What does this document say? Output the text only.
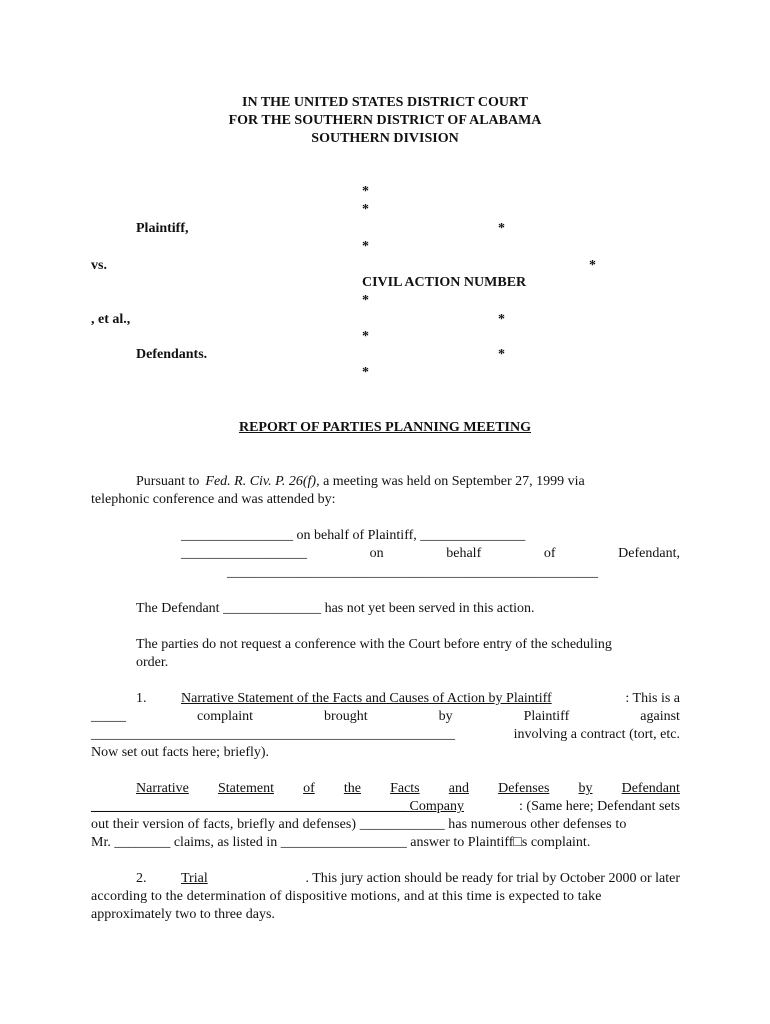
IN THE UNITED STATES DISTRICT COURT
FOR THE SOUTHERN DISTRICT OF ALABAMA
SOUTHERN DIVISION
*
*
Plaintiff,	*
*
vs.	*
CIVIL ACTION NUMBER
*
, et al.,	*
*
Defendants.	*
*
REPORT OF PARTIES PLANNING MEETING
Pursuant to Fed. R. Civ. P. 26(f), a meeting was held on September 27, 1999 via
telephonic conference and was attended by:
________________ on behalf of Plaintiff, _______________
__________________	on	behalf	of	Defendant,
_____________________________________________________
The Defendant ______________ has not yet been served in this action.
The parties do not request a conference with the Court before entry of the scheduling
order.
1. Narrative Statement of the Facts and Causes of Action by Plaintiff	: This is a
_____	complaint	brought	by	Plaintiff	against
____________________________________________________	involving a contract (tort, etc.
Now set out facts here; briefly).
Narrative Statement of the Facts and Defenses by Defendant
_____________________________________________ Company	: (Same here; Defendant sets
out their version of facts, briefly and defenses) ____________ has numerous other defenses to
Mr. ________ claims, as listed in __________________ answer to Plaintiff□s complaint.
2. Trial	. This jury action should be ready for trial by October 2000 or later
according to the determination of dispositive motions, and at this time is expected to take
approximately two to three days.
